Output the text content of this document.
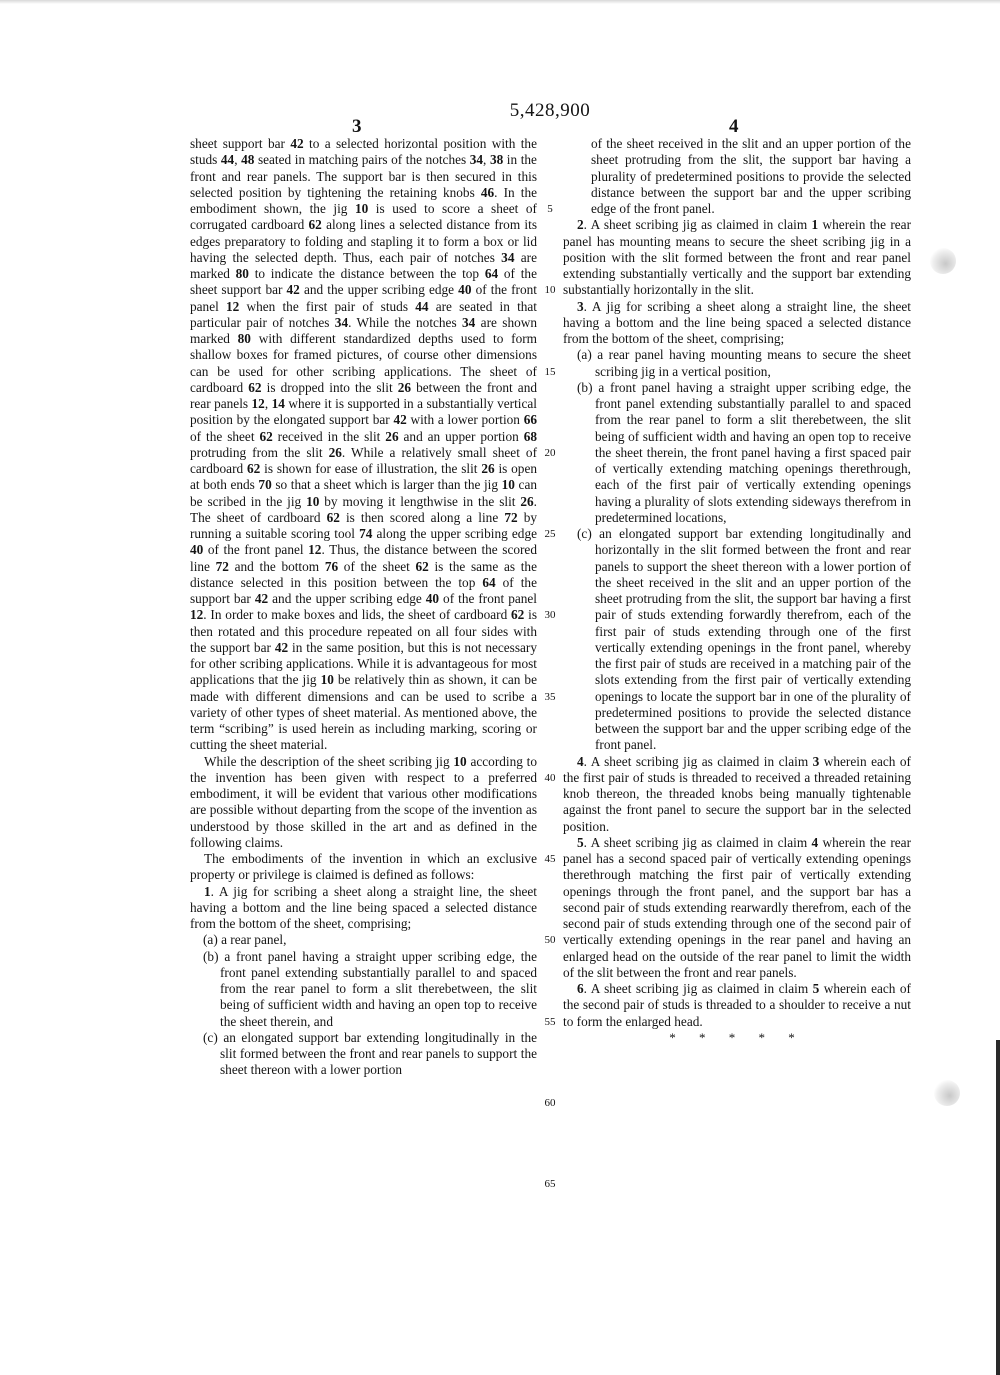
5,428,900
3	4

sheet support bar 42 to a selected horizontal position with the studs 44, 48 seated in matching pairs of the notches 34, 38 in the front and rear panels. The support bar is then secured in this selected position by tightening the retaining knobs 46. In the embodiment shown, the jig 10 is used to score a sheet of corrugated cardboard 62 along lines a selected distance from its edges preparatory to folding and stapling it to form a box or lid having the selected depth. Thus, each pair of notches 34 are marked 80 to indicate the distance between the top 64 of the sheet support bar 42 and the upper scribing edge 40 of the front panel 12 when the first pair of studs 44 are seated in that particular pair of notches 34. While the notches 34 are shown marked 80 with different standardized depths used to form shallow boxes for framed pictures, of course other dimensions can be used for other scribing applications. The sheet of cardboard 62 is dropped into the slit 26 between the front and rear panels 12, 14 where it is supported in a substantially vertical position by the elongated support bar 42 with a lower portion 66 of the sheet 62 received in the slit 26 and an upper portion 68 protruding from the slit 26. While a relatively small sheet of cardboard 62 is shown for ease of illustration, the slit 26 is open at both ends 70 so that a sheet which is larger than the jig 10 can be scribed in the jig 10 by moving it lengthwise in the slit 26. The sheet of cardboard 62 is then scored along a line 72 by running a suitable scoring tool 74 along the upper scribing edge 40 of the front panel 12. Thus, the distance between the scored line 72 and the bottom 76 of the sheet 62 is the same as the distance selected in this position between the top 64 of the support bar 42 and the upper scribing edge 40 of the front panel 12. In order to make boxes and lids, the sheet of cardboard 62 is then rotated and this procedure repeated on all four sides with the support bar 42 in the same position, but this is not necessary for other scribing applications. While it is advantageous for most applications that the jig 10 be relatively thin as shown, it can be made with different dimensions and can be used to scribe a variety of other types of sheet material. As mentioned above, the term “scribing” is used herein as including marking, scoring or cutting the sheet material.

While the description of the sheet scribing jig 10 according to the invention has been given with respect to a preferred embodiment, it will be evident that various other modifications are possible without departing from the scope of the invention as understood by those skilled in the art and as defined in the following claims.

The embodiments of the invention in which an exclusive property or privilege is claimed is defined as follows:

1. A jig for scribing a sheet along a straight line, the sheet having a bottom and the line being spaced a selected distance from the bottom of the sheet, comprising;

(a) a rear panel,

(b) a front panel having a straight upper scribing edge, the front panel extending substantially parallel to and spaced from the rear panel to form a slit therebetween, the slit being of sufficient width and having an open top to receive the sheet therein, and

(c) an elongated support bar extending longitudinally in the slit formed between the front and rear panels to support the sheet thereon with a lower portion

5
10
15
20
25
30
35
40
45
50
55
60
65

of the sheet received in the slit and an upper portion of the sheet protruding from the slit, the support bar having a plurality of predetermined positions to provide the selected distance between the support bar and the upper scribing edge of the front panel.

2. A sheet scribing jig as claimed in claim 1 wherein the rear panel has mounting means to secure the sheet scribing jig in a position with the slit formed between the front and rear panel extending substantially vertically and the support bar extending substantially horizontally in the slit.

3. A jig for scribing a sheet along a straight line, the sheet having a bottom and the line being spaced a selected distance from the bottom of the sheet, comprising;

(a) a rear panel having mounting means to secure the sheet scribing jig in a vertical position,

(b) a front panel having a straight upper scribing edge, the front panel extending substantially parallel to and spaced from the rear panel to form a slit therebetween, the slit being of sufficient width and having an open top to receive the sheet therein, the front panel having a first spaced pair of vertically extending matching openings therethrough, each of the first pair of vertically extending openings having a plurality of slots extending sideways therefrom in predetermined locations,

(c) an elongated support bar extending longitudinally and horizontally in the slit formed between the front and rear panels to support the sheet thereon with a lower portion of the sheet received in the slit and an upper portion of the sheet protruding from the slit, the support bar having a first pair of studs extending forwardly therefrom, each of the first pair of studs extending through one of the first vertically extending openings in the front panel, whereby the first pair of studs are received in a matching pair of the slots extending from the first pair of vertically extending openings to locate the support bar in one of the plurality of predetermined positions to provide the selected distance between the support bar and the upper scribing edge of the front panel.

4. A sheet scribing jig as claimed in claim 3 wherein each of the first pair of studs is threaded to received a threaded retaining knob thereon, the threaded knobs being manually tightenable against the front panel to secure the support bar in the selected position.

5. A sheet scribing jig as claimed in claim 4 wherein the rear panel has a second spaced pair of vertically extending openings therethrough matching the first pair of vertically extending openings through the front panel, and the support bar has a second pair of studs extending rearwardly therefrom, each of the second pair of studs extending through one of the second pair of vertically extending openings in the rear panel and having an enlarged head on the outside of the rear panel to limit the width of the slit between the front and rear panels.

6. A sheet scribing jig as claimed in claim 5 wherein each of the second pair of studs is threaded to a shoulder to receive a nut to form the enlarged head.

* * * * *
